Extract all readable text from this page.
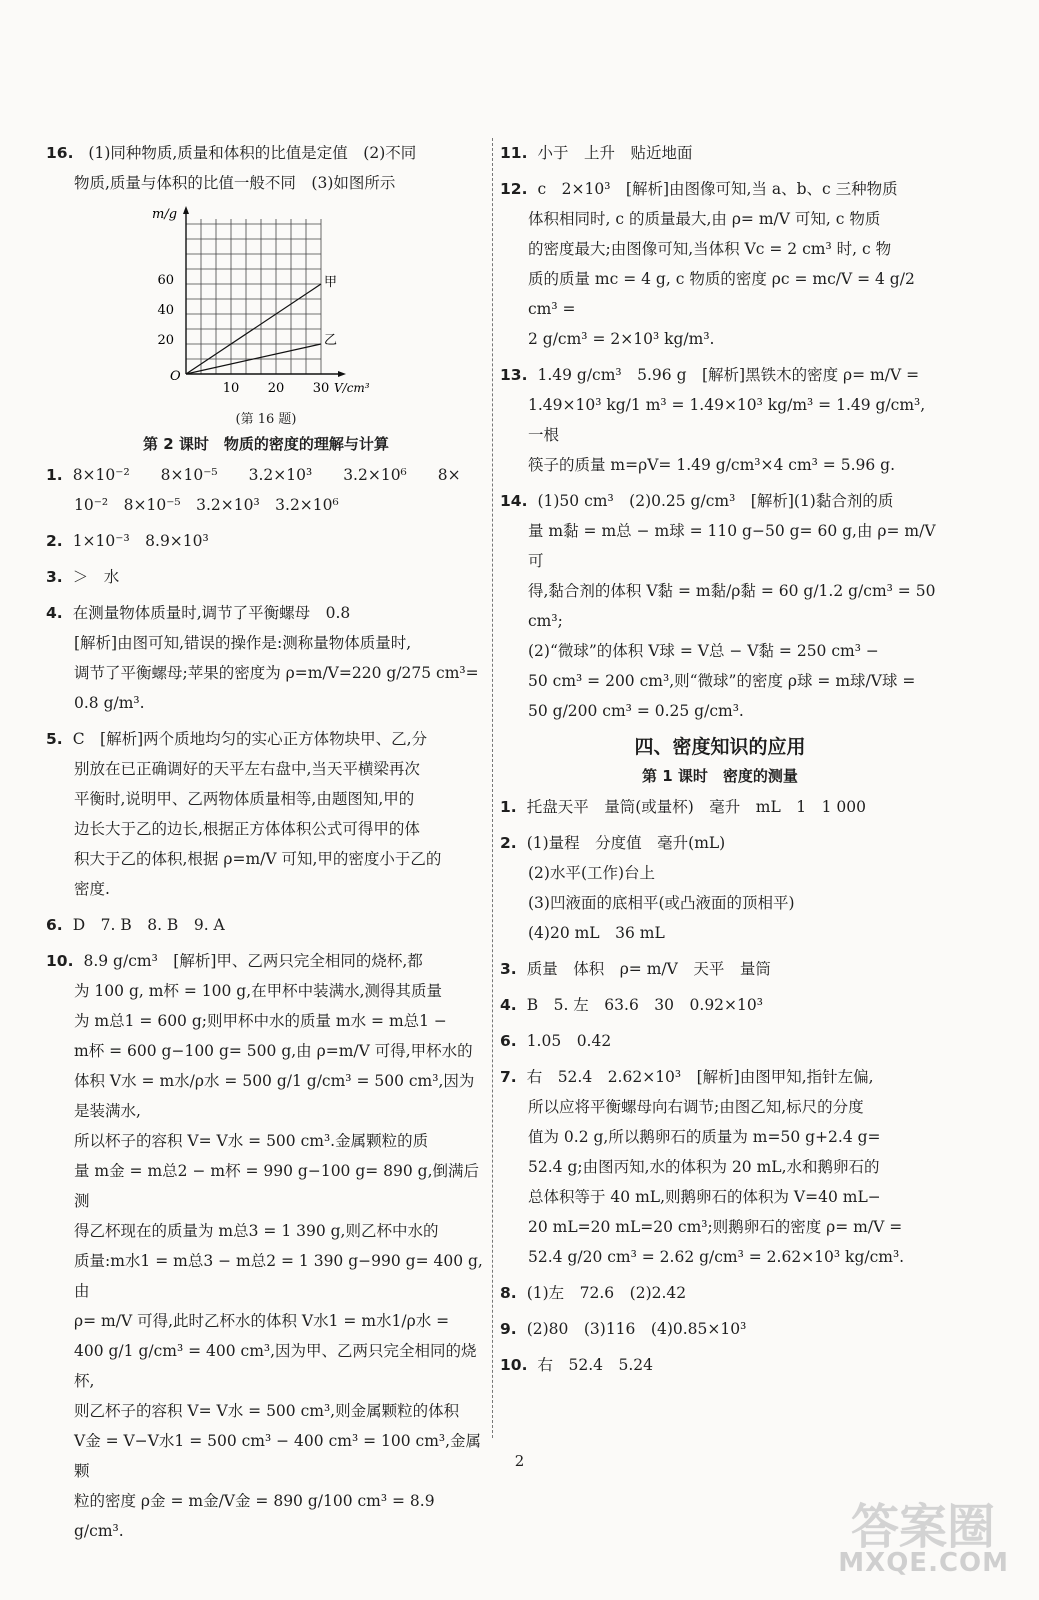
16. (1)同种物质,质量和体积的比值是定值　(2)不同
物质,质量与体积的比值一般不同　(3)如图所示
m/g
20
40
60
O
10 20 30 V/cm³
甲
乙
(第 16 题)
第 2 课时　物质的密度的理解与计算
1. 8×10⁻²　　8×10⁻⁵　　3.2×10³　　3.2×10⁶　　8×
10⁻²　8×10⁻⁵　3.2×10³　3.2×10⁶
2. 1×10⁻³　8.9×10³
3. ＞　水
4. 在测量物体质量时,调节了平衡螺母　0.8
[解析]由图可知,错误的操作是:测称量物体质量时,
调节了平衡螺母;苹果的密度为 ρ=m/V=220 g/275 cm³=
0.8 g/m³.
5. C　[解析]两个质地均匀的实心正方体物块甲、乙,分
别放在已正确调好的天平左右盘中,当天平横梁再次
平衡时,说明甲、乙两物体质量相等,由题图知,甲的
边长大于乙的边长,根据正方体体积公式可得甲的体
积大于乙的体积,根据 ρ=m/V 可知,甲的密度小于乙的
密度.
6. D　7. B　8. B　9. A
10. 8.9 g/cm³　[解析]甲、乙两只完全相同的烧杯,都
为 100 g, m杯 = 100 g,在甲杯中装满水,测得其质量
为 m总1 = 600 g;则甲杯中水的质量 m水 = m总1 −
m杯 = 600 g−100 g= 500 g,由 ρ=m/V 可得,甲杯水的
体积 V水 = m水/ρ水 = 500 g/1 g/cm³ = 500 cm³,因为是装满水,
所以杯子的容积 V= V水 = 500 cm³.金属颗粒的质
量 m金 = m总2 − m杯 = 990 g−100 g= 890 g,倒满后测
得乙杯现在的质量为 m总3 = 1 390 g,则乙杯中水的
质量:m水1 = m总3 − m总2 = 1 390 g−990 g= 400 g,由
ρ= m/V 可得,此时乙杯水的体积 V水1 = m水1/ρ水 =
400 g/1 g/cm³ = 400 cm³,因为甲、乙两只完全相同的烧杯,
则乙杯子的容积 V= V水 = 500 cm³,则金属颗粒的体积
V金 = V−V水1 = 500 cm³ − 400 cm³ = 100 cm³,金属颗
粒的密度 ρ金 = m金/V金 = 890 g/100 cm³ = 8.9 g/cm³.
11. 小于　上升　贴近地面
12. c　2×10³　[解析]由图像可知,当 a、b、c 三种物质
体积相同时, c 的质量最大,由 ρ= m/V 可知, c 物质
的密度最大;由图像可知,当体积 Vc = 2 cm³ 时, c 物
质的质量 mc = 4 g, c 物质的密度 ρc = mc/V = 4 g/2 cm³ =
2 g/cm³ = 2×10³ kg/m³.
13. 1.49 g/cm³　5.96 g　[解析]黑铁木的密度 ρ= m/V =
1.49×10³ kg/1 m³ = 1.49×10³ kg/m³ = 1.49 g/cm³,一根
筷子的质量 m=ρV= 1.49 g/cm³×4 cm³ = 5.96 g.
14. (1)50 cm³　(2)0.25 g/cm³　[解析](1)黏合剂的质
量 m黏 = m总 − m球 = 110 g−50 g= 60 g,由 ρ= m/V 可
得,黏合剂的体积 V黏 = m黏/ρ黏 = 60 g/1.2 g/cm³ = 50 cm³;
(2)“微球”的体积 V球 = V总 − V黏 = 250 cm³ −
50 cm³ = 200 cm³,则“微球”的密度 ρ球 = m球/V球 =
50 g/200 cm³ = 0.25 g/cm³.
四、密度知识的应用
第 1 课时　密度的测量
1. 托盘天平　量筒(或量杯)　毫升　mL　1　1 000
2. (1)量程　分度值　毫升(mL)
(2)水平(工作)台上
(3)凹液面的底相平(或凸液面的顶相平)
(4)20 mL　36 mL
3. 质量　体积　ρ= m/V　天平　量筒
4. B　5. 左　63.6　30　0.92×10³
6. 1.05　0.42
7. 右　52.4　2.62×10³　[解析]由图甲知,指针左偏,
所以应将平衡螺母向右调节;由图乙知,标尺的分度
值为 0.2 g,所以鹅卵石的质量为 m=50 g+2.4 g=
52.4 g;由图丙知,水的体积为 20 mL,水和鹅卵石的
总体积等于 40 mL,则鹅卵石的体积为 V=40 mL−
20 mL=20 mL=20 cm³;则鹅卵石的密度 ρ= m/V =
52.4 g/20 cm³ = 2.62 g/cm³ = 2.62×10³ kg/cm³.
8. (1)左　72.6　(2)2.42
9. (2)80　(3)116　(4)0.85×10³
10. 右　52.4　5.24
2
答案圈
MXQE.COM
